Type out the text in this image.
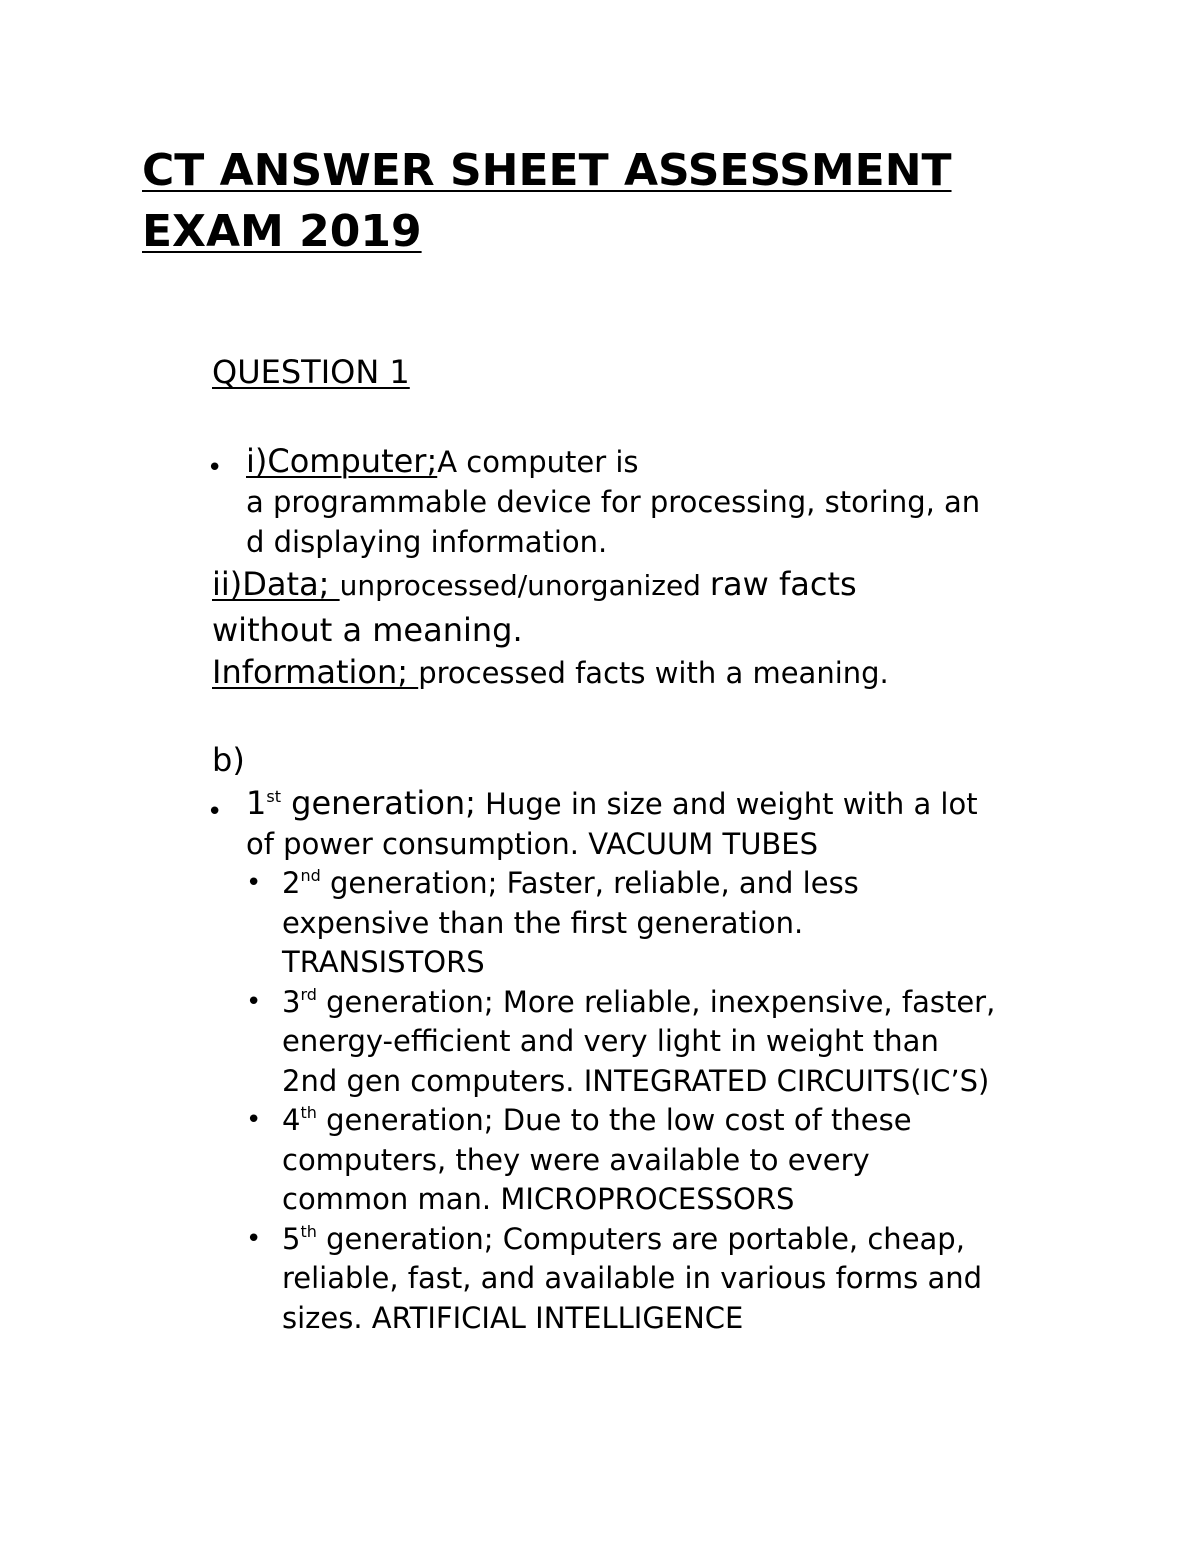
CT ANSWER SHEET ASSESSMENT
EXAM 2019
QUESTION 1
• i)Computer;A computer is
a programmable device for processing, storing, an
d displaying information.
ii)Data; unprocessed/unorganized raw facts
without a meaning.
Information; processed facts with a meaning.
b)
• 1st generation; Huge in size and weight with a lot
of power consumption. VACUUM TUBES
• 2nd generation; Faster, reliable, and less
expensive than the first generation.
TRANSISTORS
• 3rd generation; More reliable, inexpensive, faster,
energy-efficient and very light in weight than
2nd gen computers. INTEGRATED CIRCUITS(IC’S)
• 4th generation; Due to the low cost of these
computers, they were available to every
common man. MICROPROCESSORS
• 5th generation; Computers are portable, cheap,
reliable, fast, and available in various forms and
sizes. ARTIFICIAL INTELLIGENCE
